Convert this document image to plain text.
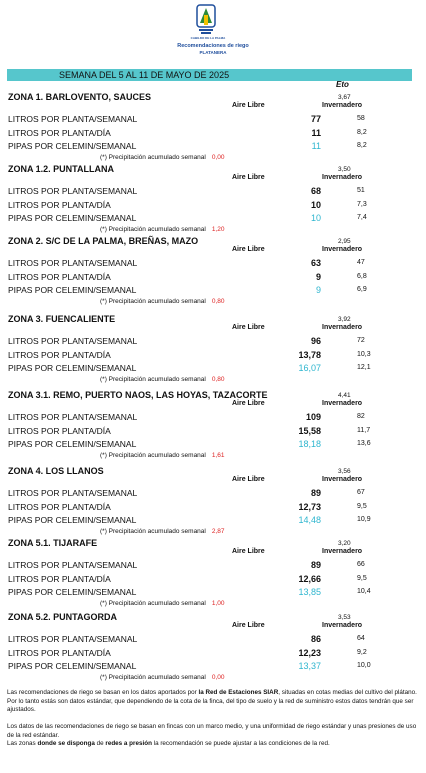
CABILDO DE LA PALMA
Recomendaciones de riego
PLATANERA
SEMANA DEL 5 AL 11 DE MAYO DE 2025
Eto
ZONA 1. BARLOVENTO, SAUCES	3,67
Aire Libre	Invernadero
LITROS POR PLANTA/SEMANAL	77	58
LITROS POR PLANTA/DÍA	11	8,2
PIPAS POR CELEMIN/SEMANAL	11	8,2
(*) Precipitación acumulado semanal 0,00
ZONA 1.2. PUNTALLANA	3,50
Aire Libre	Invernadero
LITROS POR PLANTA/SEMANAL	68	51
LITROS POR PLANTA/DÍA	10	7,3
PIPAS POR CELEMIN/SEMANAL	10	7,4
(*) Precipitación acumulado semanal 1,20
ZONA 2. S/C DE LA PALMA, BREÑAS, MAZO	2,95
Aire Libre	Invernadero
LITROS POR PLANTA/SEMANAL	63	47
LITROS POR PLANTA/DÍA	9	6,8
PIPAS POR CELEMIN/SEMANAL	9	6,9
(*) Precipitación acumulado semanal 0,80
ZONA 3. FUENCALIENTE	3,92
Aire Libre	Invernadero
LITROS POR PLANTA/SEMANAL	96	72
LITROS POR PLANTA/DÍA	13,78	10,3
PIPAS POR CELEMIN/SEMANAL	16,07	12,1
(*) Precipitación acumulado semanal 0,80
ZONA 3.1. REMO, PUERTO NAOS, LAS HOYAS, TAZACORTE	4,41
Aire Libre	Invernadero
LITROS POR PLANTA/SEMANAL	109	82
LITROS POR PLANTA/DÍA	15,58	11,7
PIPAS POR CELEMIN/SEMANAL	18,18	13,6
(*) Precipitación acumulado semanal 1,61
ZONA 4. LOS LLANOS	3,56
Aire Libre	Invernadero
LITROS POR PLANTA/SEMANAL	89	67
LITROS POR PLANTA/DÍA	12,73	9,5
PIPAS POR CELEMIN/SEMANAL	14,48	10,9
(*) Precipitación acumulado semanal 2,87
ZONA 5.1. TIJARAFE	3,20
Aire Libre	Invernadero
LITROS POR PLANTA/SEMANAL	89	66
LITROS POR PLANTA/DÍA	12,66	9,5
PIPAS POR CELEMIN/SEMANAL	13,85	10,4
(*) Precipitación acumulado semanal 1,00
ZONA 5.2. PUNTAGORDA	3,53
Aire Libre	Invernadero
LITROS POR PLANTA/SEMANAL	86	64
LITROS POR PLANTA/DÍA	12,23	9,2
PIPAS POR CELEMIN/SEMANAL	13,37	10,0
(*) Precipitación acumulado semanal 0,00
Las recomendaciones de riego se basan en los datos aportados por la Red de Estaciones SIAR, situadas en cotas medias del cultivo del plátano. Por lo tanto estás son datos estándar, que dependiendo de la cota de la finca, del tipo de suelo y la red de suministro estos datos tendrán que ser ajustados.
Los datos de las recomendaciones de riego se basan en fincas con un marco medio, y una uniformidad de riego estándar y unas presiones de uso de la red estándar.
Las zonas donde se disponga de redes a presión la recomendación se puede ajustar a las condiciones de la red.
